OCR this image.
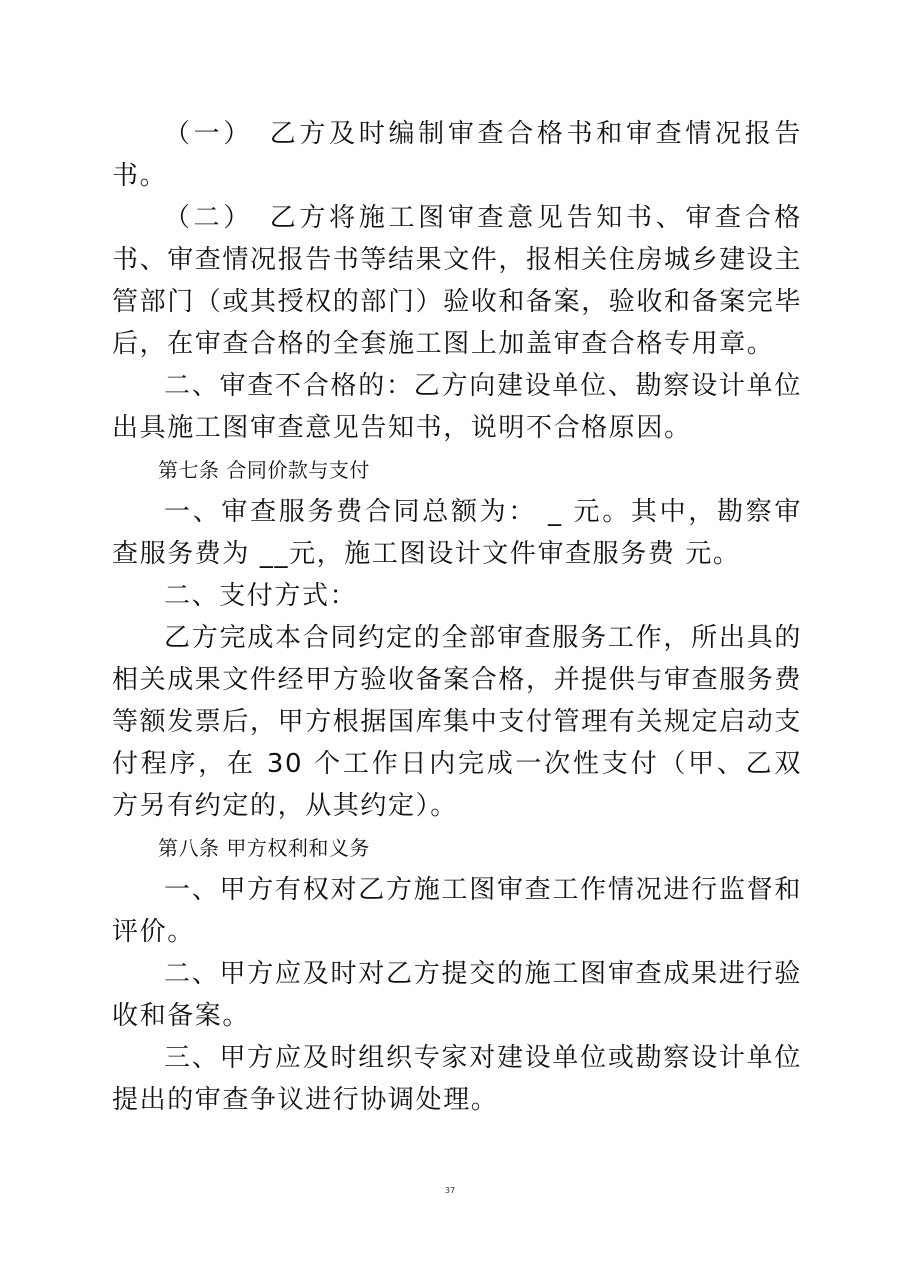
（一）　乙方及时编制审查合格书和审查情况报告书。

（二）　乙方将施工图审查意见告知书、审查合格书、审查情况报告书等结果文件，报相关住房城乡建设主管部门（或其授权的部门）验收和备案，验收和备案完毕后，在审查合格的全套施工图上加盖审查合格专用章。

二、审查不合格的：乙方向建设单位、勘察设计单位出具施工图审查意见告知书，说明不合格原因。

第七条 合同价款与支付

一、审查服务费合同总额为： _ 元。其中，勘察审查服务费为 __元，施工图设计文件审查服务费 元。

二、支付方式：

乙方完成本合同约定的全部审查服务工作，所出具的相关成果文件经甲方验收备案合格，并提供与审查服务费等额发票后，甲方根据国库集中支付管理有关规定启动支付程序，在 30 个工作日内完成一次性支付（甲、乙双方另有约定的，从其约定）。

第八条 甲方权利和义务

一、甲方有权对乙方施工图审查工作情况进行监督和评价。

二、甲方应及时对乙方提交的施工图审查成果进行验收和备案。

三、甲方应及时组织专家对建设单位或勘察设计单位提出的审查争议进行协调处理。

37
